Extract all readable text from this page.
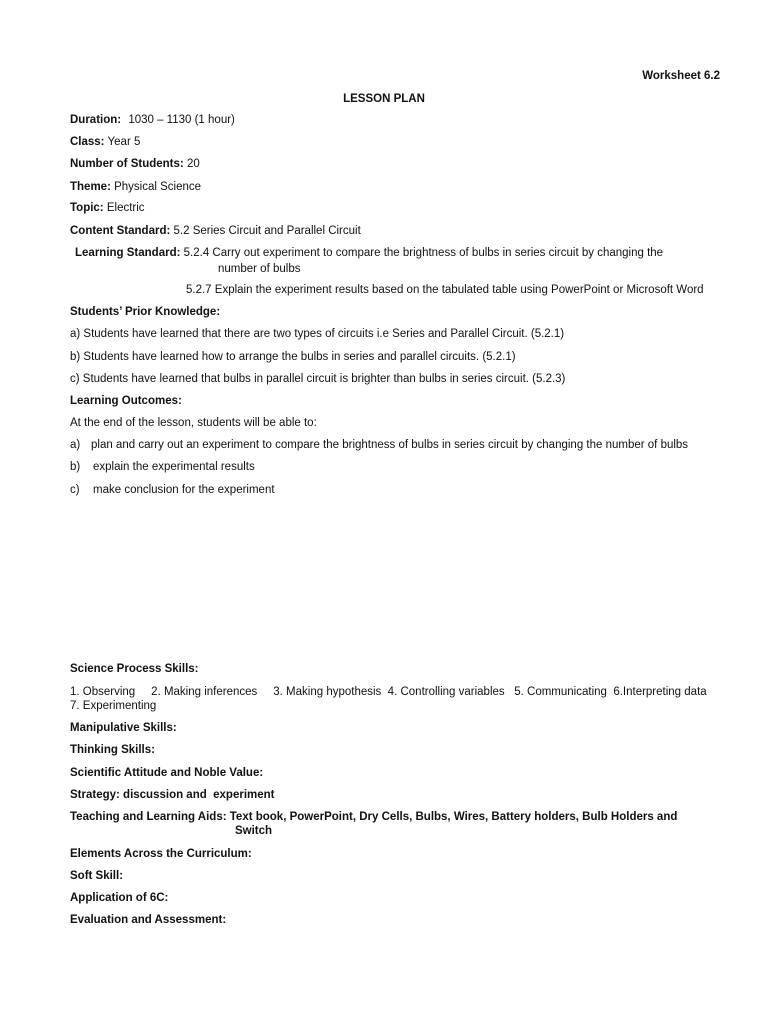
Worksheet 6.2
LESSON PLAN
Duration: 1030 – 1130 (1 hour)
Class: Year 5
Number of Students: 20
Theme: Physical Science
Topic: Electric
Content Standard: 5.2 Series Circuit and Parallel Circuit
Learning Standard: 5.2.4 Carry out experiment to compare the brightness of bulbs in series circuit by changing the
number of bulbs
5.2.7 Explain the experiment results based on the tabulated table using PowerPoint or Microsoft Word
Students’ Prior Knowledge:
a) Students have learned that there are two types of circuits i.e Series and Parallel Circuit. (5.2.1)
b) Students have learned how to arrange the bulbs in series and parallel circuits. (5.2.1)
c) Students have learned that bulbs in parallel circuit is brighter than bulbs in series circuit. (5.2.3)
Learning Outcomes:
At the end of the lesson, students will be able to:
a) plan and carry out an experiment to compare the brightness of bulbs in series circuit by changing the number of bulbs
b) explain the experimental results
c) make conclusion for the experiment
Science Process Skills:
1. Observing     2. Making inferences     3. Making hypothesis  4. Controlling variables   5. Communicating  6.Interpreting data
7. Experimenting
Manipulative Skills:
Thinking Skills:
Scientific Attitude and Noble Value:
Strategy: discussion and  experiment
Teaching and Learning Aids: Text book, PowerPoint, Dry Cells, Bulbs, Wires, Battery holders, Bulb Holders and
Switch
Elements Across the Curriculum:
Soft Skill:
Application of 6C:
Evaluation and Assessment:
